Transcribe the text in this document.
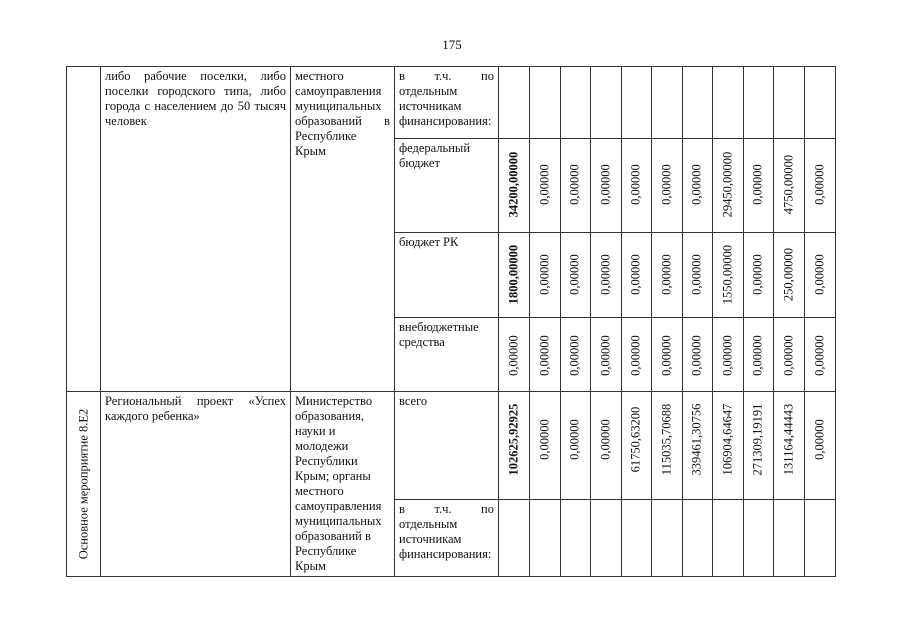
175
	либо рабочие поселки, либо поселки городского типа, либо города с населением до 50 тысяч человек	местного самоуправления муниципальных образований в Республике Крым	в т.ч. по отдельным источникам финансирования:											
			федеральный бюджет	34200,00000	0,00000	0,00000	0,00000	0,00000	0,00000	0,00000	29450,00000	0,00000	4750,00000	0,00000

			бюджет РК	1800,00000	0,00000	0,00000	0,00000	0,00000	0,00000	0,00000	1550,00000	0,00000	250,00000	0,00000

			внебюджетные средства	0,00000	0,00000	0,00000	0,00000	0,00000	0,00000	0,00000	0,00000	0,00000	0,00000	0,00000

Основное мероприятие 8.Е2	Региональный проект «Успех каждого ребенка»	Министерство образования, науки и молодежи Республики Крым; органы местного самоуправления муниципальных образований в Республике Крым	всего	102625,92925	0,00000	0,00000	0,00000	61750,63200	115035,70688	339461,30756	106904,64647	271309,19191	131164,44443	0,00000

			в т.ч. по отдельным источникам финансирования:											
